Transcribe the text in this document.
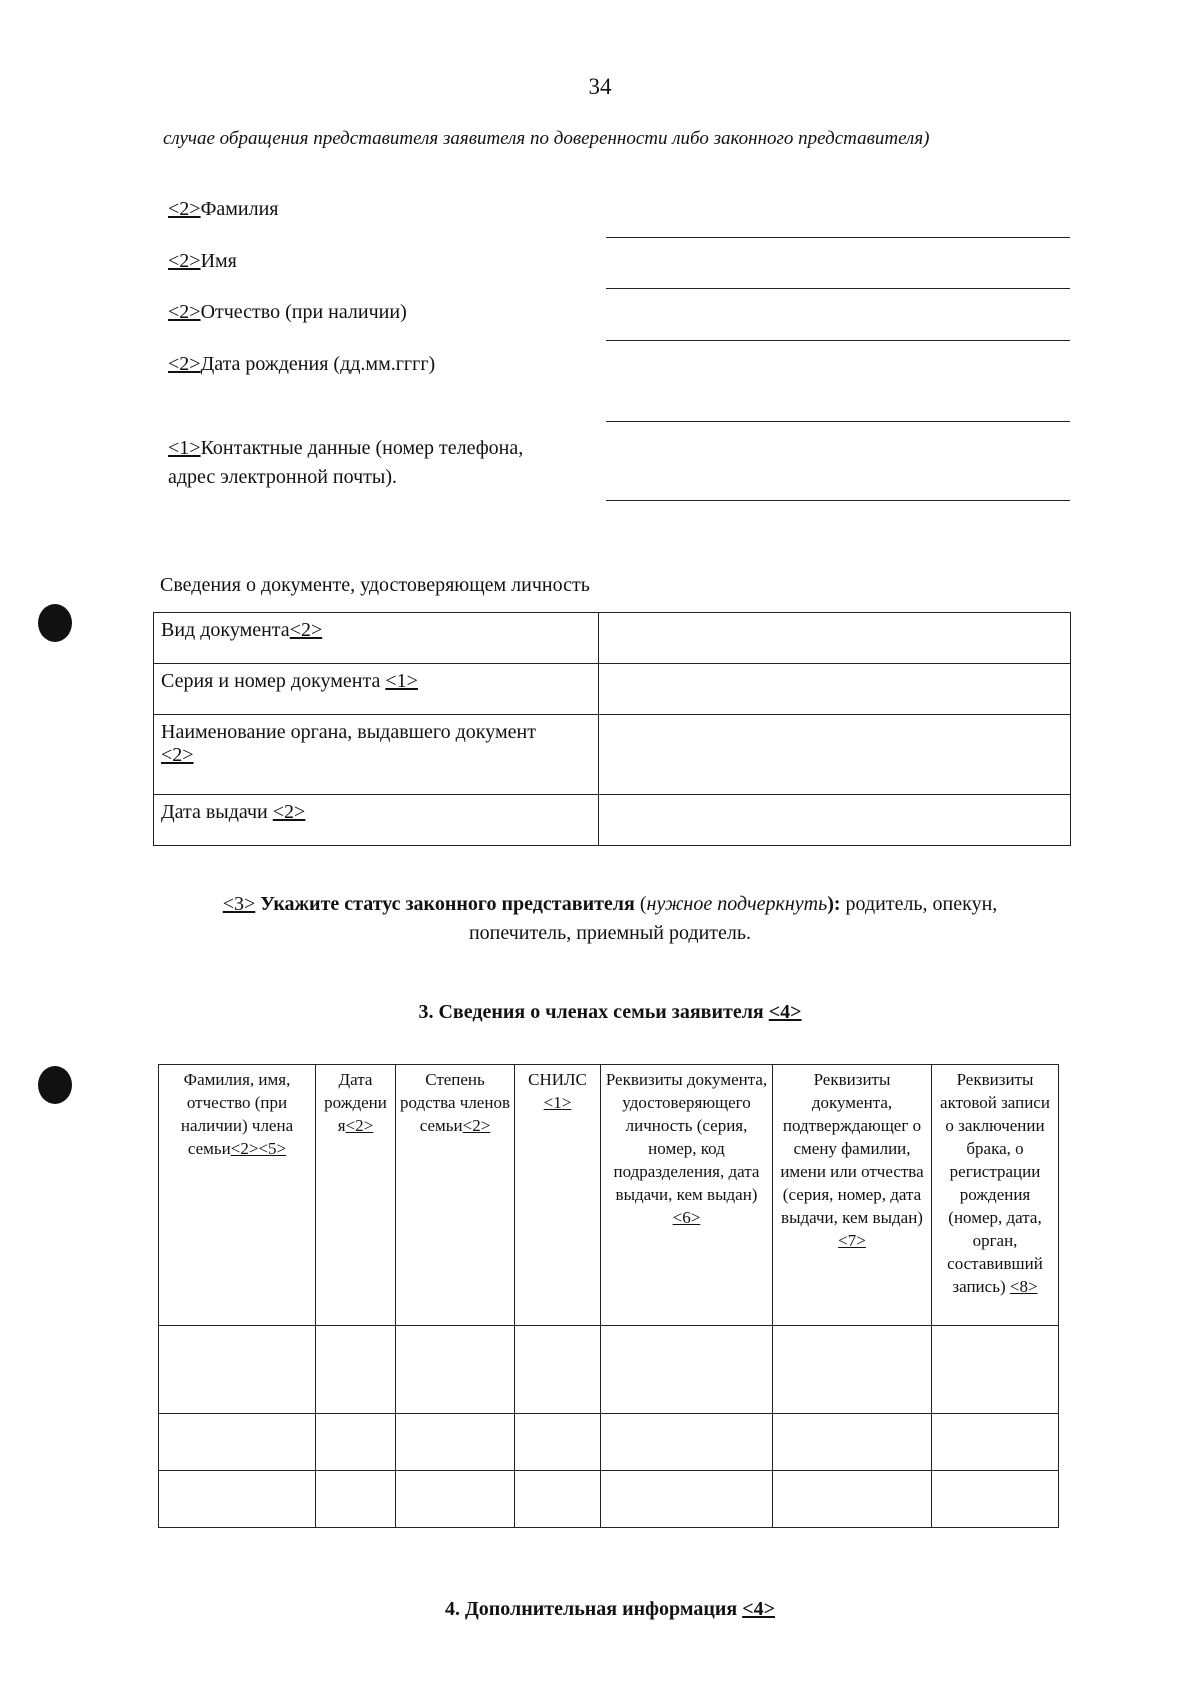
34
случае обращения представителя заявителя по доверенности либо законного представителя)
<2>Фамилия
<2>Имя
<2>Отчество (при наличии)
<2>Дата рождения (дд.мм.гггг)
<1>Контактные данные (номер телефона,
адрес электронной почты).
Сведения о документе, удостоверяющем личность
Вид документа<2>	
Серия и номер документа <1>	
Наименование органа, выдавшего документ
<2>	
Дата выдачи <2>	
<3> Укажите статус законного представителя (нужное подчеркнуть): родитель, опекун,
попечитель, приемный родитель.
3. Сведения о членах семьи заявителя <4>
Фамилия, имя, отчество (при наличии) члена семьи<2><5>	Дата рождени я<2>	Степень родства членов семьи<2>	СНИЛС <1>	Реквизиты документа, удостоверяющего личность (серия, номер, код подразделения, дата выдачи, кем выдан) <6>	Реквизиты документа, подтверждающег о смену фамилии, имени или отчества (серия, номер, дата выдачи, кем выдан) <7>	Реквизиты актовой записи о заключении брака, о регистрации рождения (номер, дата, орган, составивший запись) <8>

4. Дополнительная информация <4>
